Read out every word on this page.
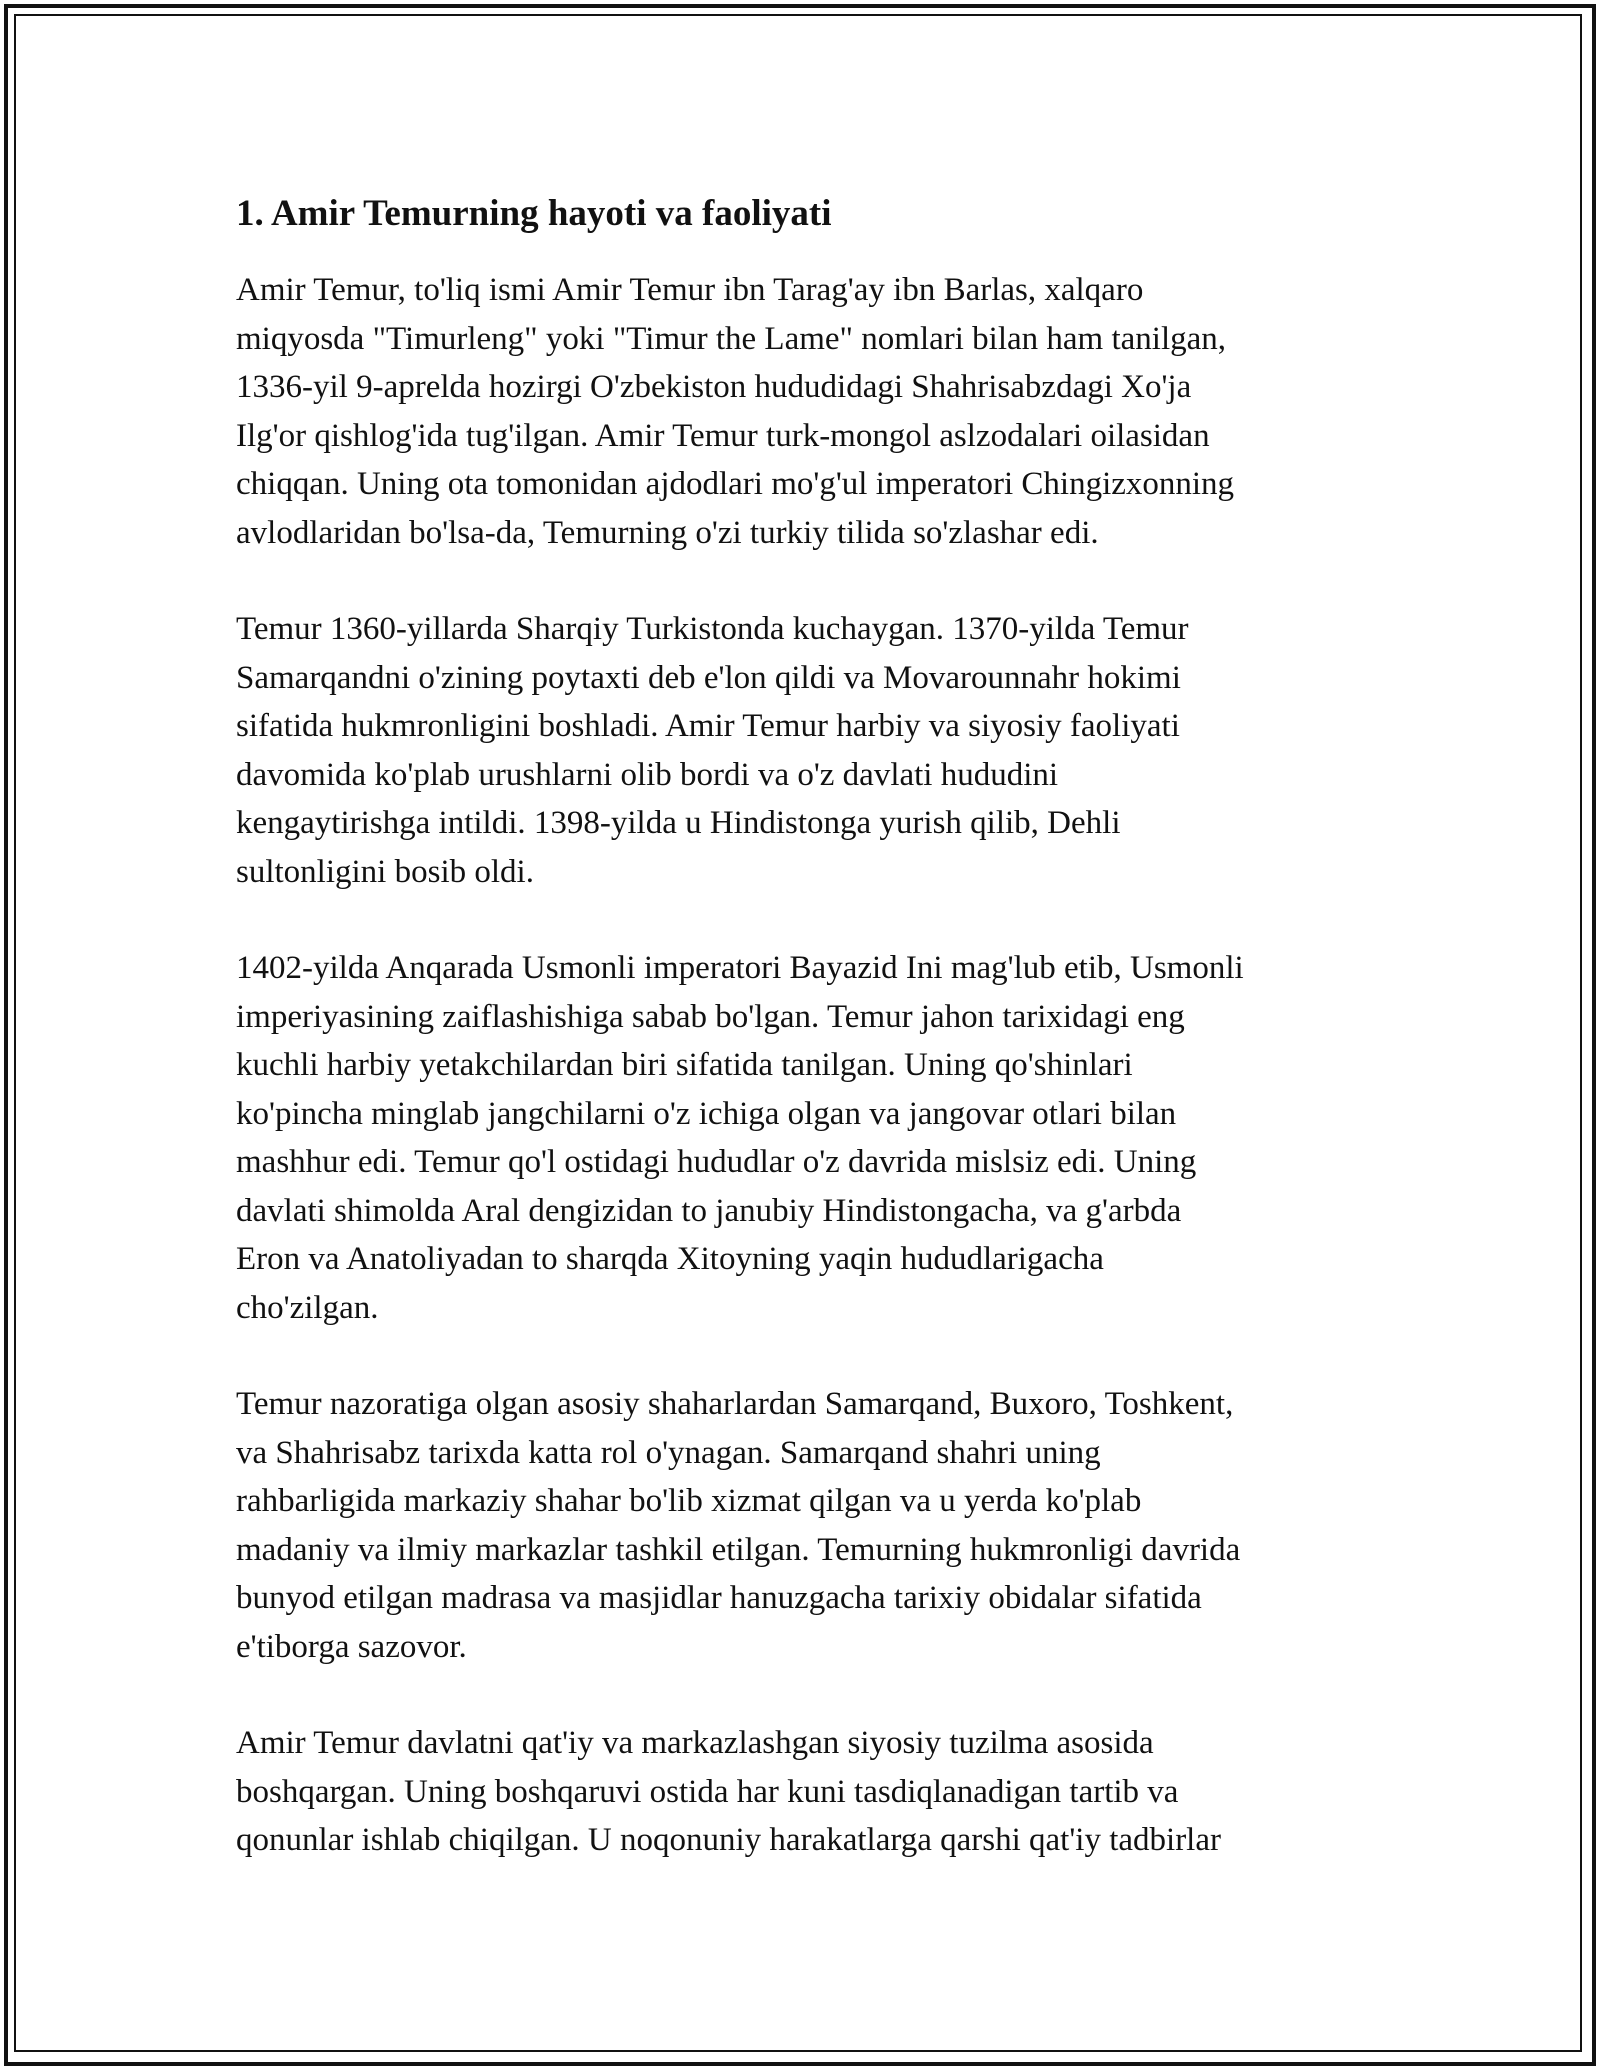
1. Amir Temurning hayoti va faoliyati

Amir Temur, to'liq ismi Amir Temur ibn Tarag'ay ibn Barlas, xalqaro
miqyosda "Timurleng" yoki "Timur the Lame" nomlari bilan ham tanilgan,
1336-yil 9-aprelda hozirgi O'zbekiston hududidagi Shahrisabzdagi Xo'ja
Ilg'or qishlog'ida tug'ilgan. Amir Temur turk-mongol aslzodalari oilasidan
chiqqan. Uning ota tomonidan ajdodlari mo'g'ul imperatori Chingizxonning
avlodlaridan bo'lsa-da, Temurning o'zi turkiy tilida so'zlashar edi.

Temur 1360-yillarda Sharqiy Turkistonda kuchaygan. 1370-yilda Temur
Samarqandni o'zining poytaxti deb e'lon qildi va Movarounnahr hokimi
sifatida hukmronligini boshladi. Amir Temur harbiy va siyosiy faoliyati
davomida ko'plab urushlarni olib bordi va o'z davlati hududini
kengaytirishga intildi. 1398-yilda u Hindistonga yurish qilib, Dehli
sultonligini bosib oldi.

1402-yilda Anqarada Usmonli imperatori Bayazid Ini mag'lub etib, Usmonli
imperiyasining zaiflashishiga sabab bo'lgan. Temur jahon tarixidagi eng
kuchli harbiy yetakchilardan biri sifatida tanilgan. Uning qo'shinlari
ko'pincha minglab jangchilarni o'z ichiga olgan va jangovar otlari bilan
mashhur edi. Temur qo'l ostidagi hududlar o'z davrida mislsiz edi. Uning
davlati shimolda Aral dengizidan to janubiy Hindistongacha, va g'arbda
Eron va Anatoliyadan to sharqda Xitoyning yaqin hududlarigacha
cho'zilgan.

Temur nazoratiga olgan asosiy shaharlardan Samarqand, Buxoro, Toshkent,
va Shahrisabz tarixda katta rol o'ynagan. Samarqand shahri uning
rahbarligida markaziy shahar bo'lib xizmat qilgan va u yerda ko'plab
madaniy va ilmiy markazlar tashkil etilgan. Temurning hukmronligi davrida
bunyod etilgan madrasa va masjidlar hanuzgacha tarixiy obidalar sifatida
e'tiborga sazovor.

Amir Temur davlatni qat'iy va markazlashgan siyosiy tuzilma asosida
boshqargan. Uning boshqaruvi ostida har kuni tasdiqlanadigan tartib va
qonunlar ishlab chiqilgan. U noqonuniy harakatlarga qarshi qat'iy tadbirlar
